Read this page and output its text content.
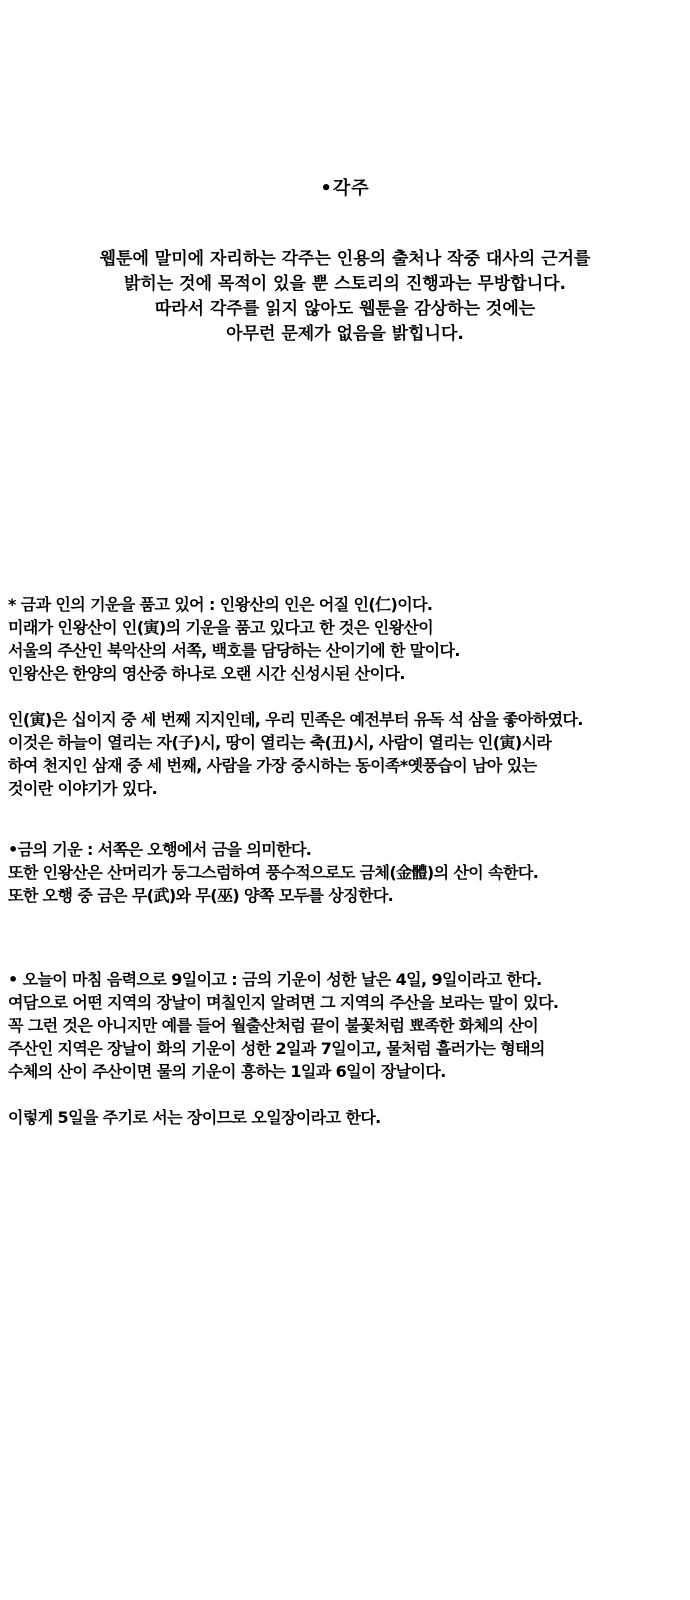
•각주
웹툰에 말미에 자리하는 각주는 인용의 출처나 작중 대사의 근거를
밝히는 것에 목적이 있을 뿐 스토리의 진행과는 무방합니다.
따라서 각주를 읽지 않아도 웹툰을 감상하는 것에는
아무런 문제가 없음을 밝힙니다.
* 금과 인의 기운을 품고 있어 : 인왕산의 인은 어질 인(仁)이다.
미래가 인왕산이 인(寅)의 기운을 품고 있다고 한 것은 인왕산이
서울의 주산인 북악산의 서쪽, 백호를 담당하는 산이기에 한 말이다.
인왕산은 한양의 영산중 하나로 오랜 시간 신성시된 산이다.
인(寅)은 십이지 중 세 번째 지지인데, 우리 민족은 예전부터 유독 석 삼을 좋아하였다.
이것은 하늘이 열리는 자(子)시, 땅이 열리는 축(丑)시, 사람이 열리는 인(寅)시라
하여 천지인 삼재 중 세 번째, 사람을 가장 중시하는 동이족*옛풍습이 남아 있는
것이란 이야기가 있다.
•금의 기운 : 서쪽은 오행에서 금을 의미한다.
또한 인왕산은 산머리가 둥그스럼하여 풍수적으로도 금체(金體)의 산이 속한다.
또한 오행 중 금은 무(武)와 무(巫) 양쪽 모두를 상징한다.
• 오늘이 마침 음력으로 9일이고 : 금의 기운이 성한 날은 4일, 9일이라고 한다.
여담으로 어떤 지역의 장날이 며칠인지 알려면 그 지역의 주산을 보라는 말이 있다.
꼭 그런 것은 아니지만 예를 들어 월출산처럼 끝이 불꽃처럼 뾰족한 화체의 산이
주산인 지역은 장날이 화의 기운이 성한 2일과 7일이고, 물처럼 흘러가는 형태의
수체의 산이 주산이면 물의 기운이 흥하는 1일과 6일이 장날이다.
이렇게 5일을 주기로 서는 장이므로 오일장이라고 한다.
